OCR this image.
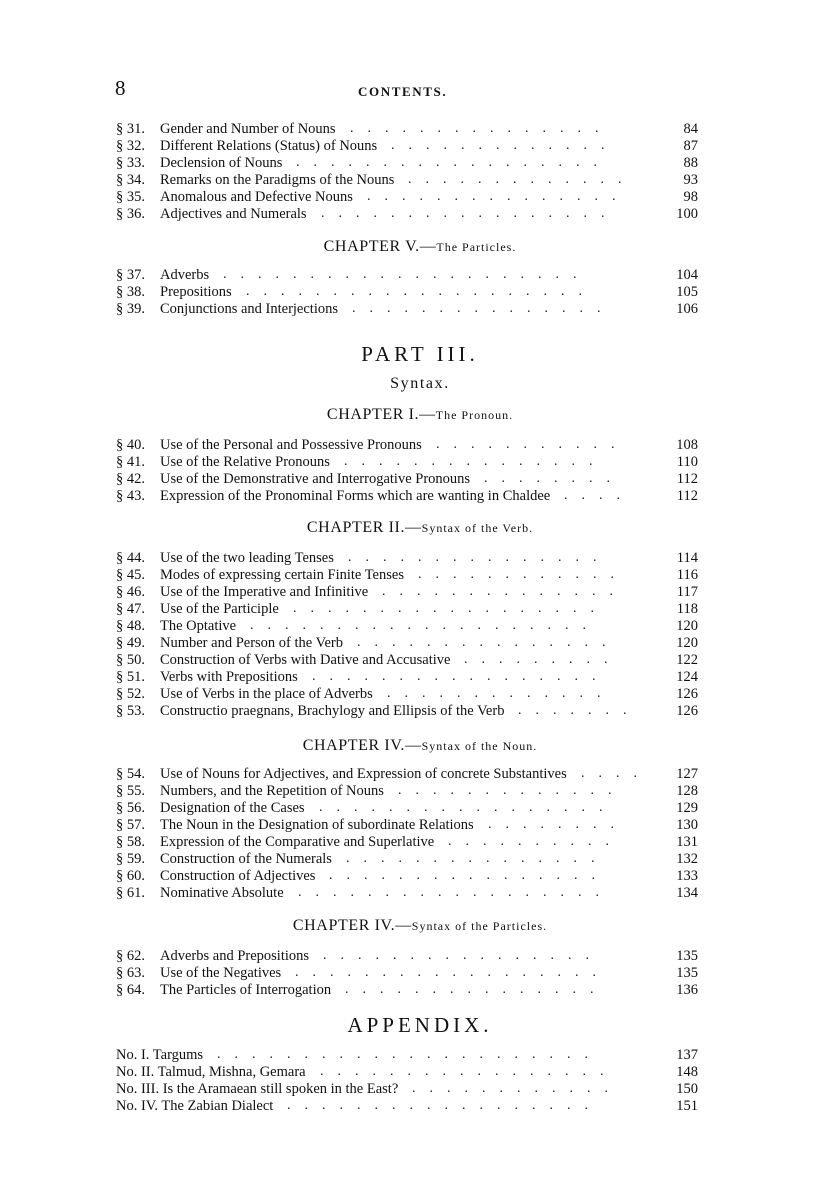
8	CONTENTS.
§ 31. Gender and Number of Nouns	84
.    .    .    .    .    .    .    .    .    .    .    .    .    .    .
§ 32. Different Relations (Status) of Nouns	87
.    .    .    .    .    .    .    .    .    .    .    .    .
§ 33. Declension of Nouns	88
.    .    .    .    .    .    .    .    .    .    .    .    .    .    .    .    .    .
§ 34. Remarks on the Paradigms of the Nouns	93
.    .    .    .    .    .    .    .    .    .    .    .    .
§ 35. Anomalous and Defective Nouns	98
.    .    .    .    .    .    .    .    .    .    .    .    .    .    .
§ 36. Adjectives and Numerals	100
.    .    .    .    .    .    .    .    .    .    .    .    .    .    .    .    .
CHAPTER V.—The Particles.
§ 37. Adverbs	104
.    .    .    .    .    .    .    .    .    .    .    .    .    .    .    .    .    .    .    .    .
§ 38. Prepositions	105
.    .    .    .    .    .    .    .    .    .    .    .    .    .    .    .    .    .    .    .
§ 39. Conjunctions and Interjections	106
.    .    .    .    .    .    .    .    .    .    .    .    .    .    .
CHAPTER I.—The Pronoun.
§ 40. Use of the Personal and Possessive Pronouns	108
.    .    .    .    .    .    .    .    .    .    .
§ 41. Use of the Relative Pronouns	110
.    .    .    .    .    .    .    .    .    .    .    .    .    .    .
§ 42. Use of the Demonstrative and Interrogative Pronouns	112
.    .    .    .    .    .    .    .
§ 43. Expression of the Pronominal Forms which are wanting in Chaldee	112
.    .    .    .
CHAPTER II.—Syntax of the Verb.
§ 44. Use of the two leading Tenses	114
.    .    .    .    .    .    .    .    .    .    .    .    .    .    .
§ 45. Modes of expressing certain Finite Tenses	116
.    .    .    .    .    .    .    .    .    .    .    .
§ 46. Use of the Imperative and Infinitive	117
.    .    .    .    .    .    .    .    .    .    .    .    .    .
§ 47. Use of the Participle	118
.    .    .    .    .    .    .    .    .    .    .    .    .    .    .    .    .    .
§ 48. The Optative	120
.    .    .    .    .    .    .    .    .    .    .    .    .    .    .    .    .    .    .    .
§ 49. Number and Person of the Verb	120
.    .    .    .    .    .    .    .    .    .    .    .    .    .    .
§ 50. Construction of Verbs with Dative and Accusative	122
.    .    .    .    .    .    .    .    .
§ 51. Verbs with Prepositions	124
.    .    .    .    .    .    .    .    .    .    .    .    .    .    .    .    .
§ 52. Use of Verbs in the place of Adverbs	126
.    .    .    .    .    .    .    .    .    .    .    .    .
§ 53. Constructio praegnans, Brachylogy and Ellipsis of the Verb	126
.    .    .    .    .    .    .
CHAPTER IV.—Syntax of the Noun.
§ 54. Use of Nouns for Adjectives, and Expression of concrete Substantives	127
.    .    .    .
§ 55. Numbers, and the Repetition of Nouns	128
.    .    .    .    .    .    .    .    .    .    .    .    .
§ 56. Designation of the Cases	129
.    .    .    .    .    .    .    .    .    .    .    .    .    .    .    .    .
§ 57. The Noun in the Designation of subordinate Relations	130
.    .    .    .    .    .    .    .
§ 58. Expression of the Comparative and Superlative	131
.    .    .    .    .    .    .    .    .    .
§ 59. Construction of the Numerals	132
.    .    .    .    .    .    .    .    .    .    .    .    .    .    .
§ 60. Construction of Adjectives	133
.    .    .    .    .    .    .    .    .    .    .    .    .    .    .    .
§ 61. Nominative Absolute	134
.    .    .    .    .    .    .    .    .    .    .    .    .    .    .    .    .    .
CHAPTER IV.—Syntax of the Particles.
§ 62. Adverbs and Prepositions	135
.    .    .    .    .    .    .    .    .    .    .    .    .    .    .    .
§ 63. Use of the Negatives	135
.    .    .    .    .    .    .    .    .    .    .    .    .    .    .    .    .    .
§ 64. The Particles of Interrogation	136
.    .    .    .    .    .    .    .    .    .    .    .    .    .    .
PART III.
Syntax.
APPENDIX.
No. I. Targums	137
.    .    .    .    .    .    .    .    .    .    .    .    .    .    .    .    .    .    .    .    .    .
No. II. Talmud, Mishna, Gemara	148
.    .    .    .    .    .    .    .    .    .    .    .    .    .    .    .    .
No. III. Is the Aramaean still spoken in the East?	150
.    .    .    .    .    .    .    .    .    .    .    .
No. IV. The Zabian Dialect	151
.    .    .    .    .    .    .    .    .    .    .    .    .    .    .    .    .    .
